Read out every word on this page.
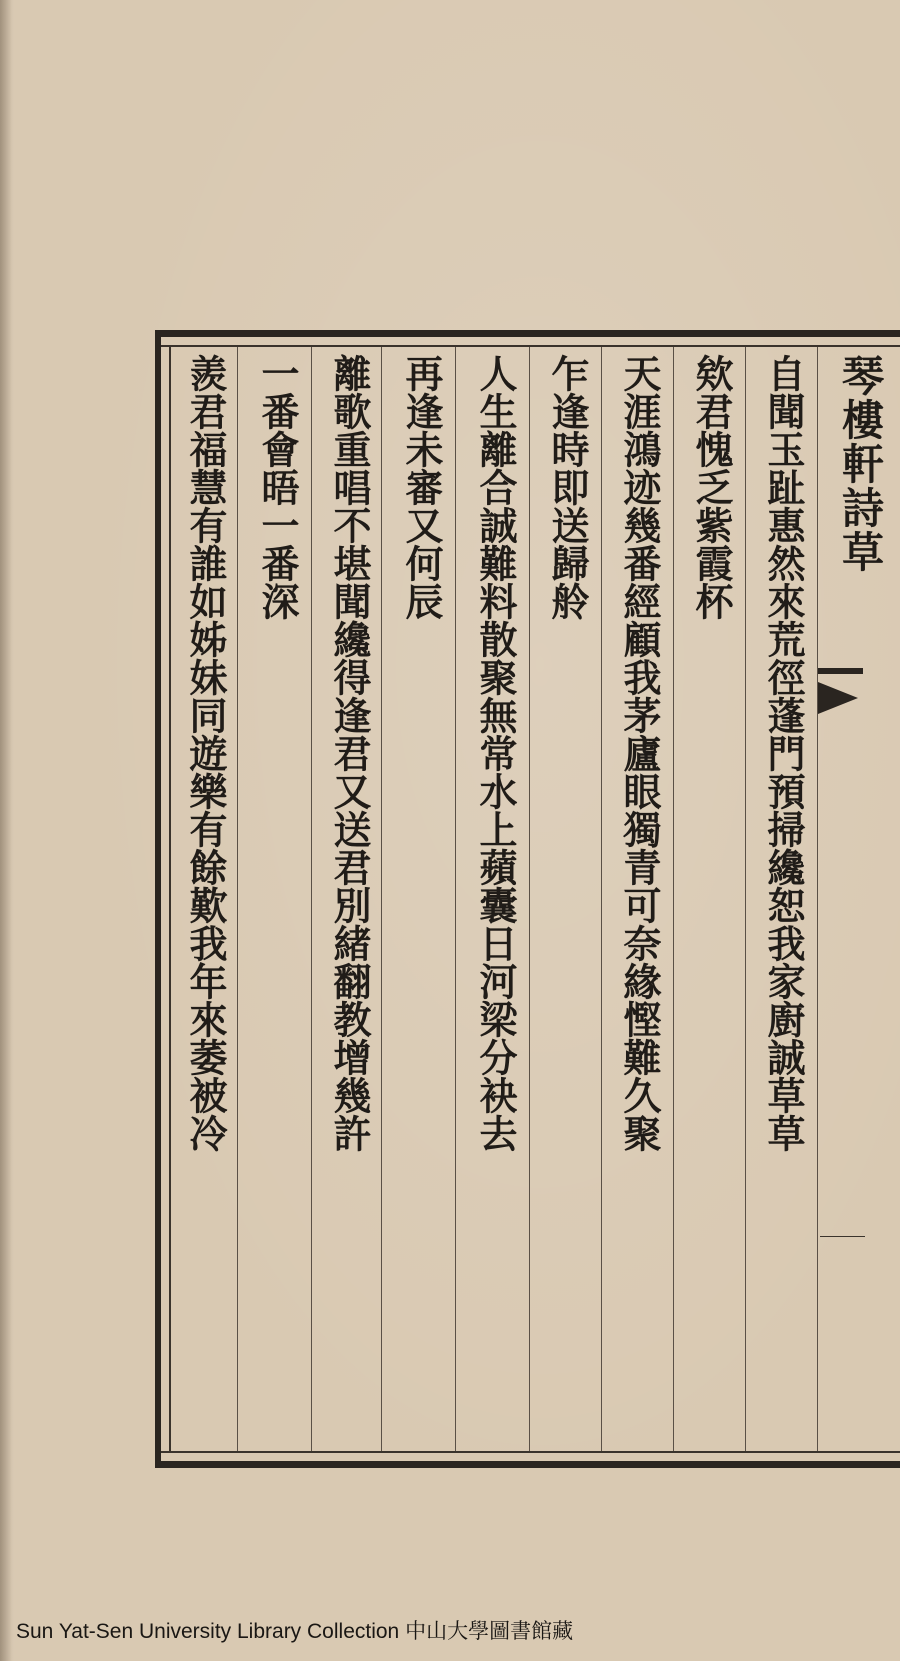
自聞玉趾惠然來荒徑蓬門預掃纔恕我家廚誠草草
欸君愧乏紫霞杯
天涯鴻迹幾番經顧我茅廬眼獨青可奈緣慳難久聚
乍逢時即送歸舲
人生離合誠難料散聚無常水上蘋囊日河梁分袂去
再逢未審又何辰
離歌重唱不堪聞纔得逢君又送君別緒翻教增幾許
一番會晤一番深
羨君福慧有誰如姊妹同遊樂有餘歎我年來萎被冷	琴樓軒詩草
Sun Yat-Sen University Library Collection 中山大學圖書館藏
